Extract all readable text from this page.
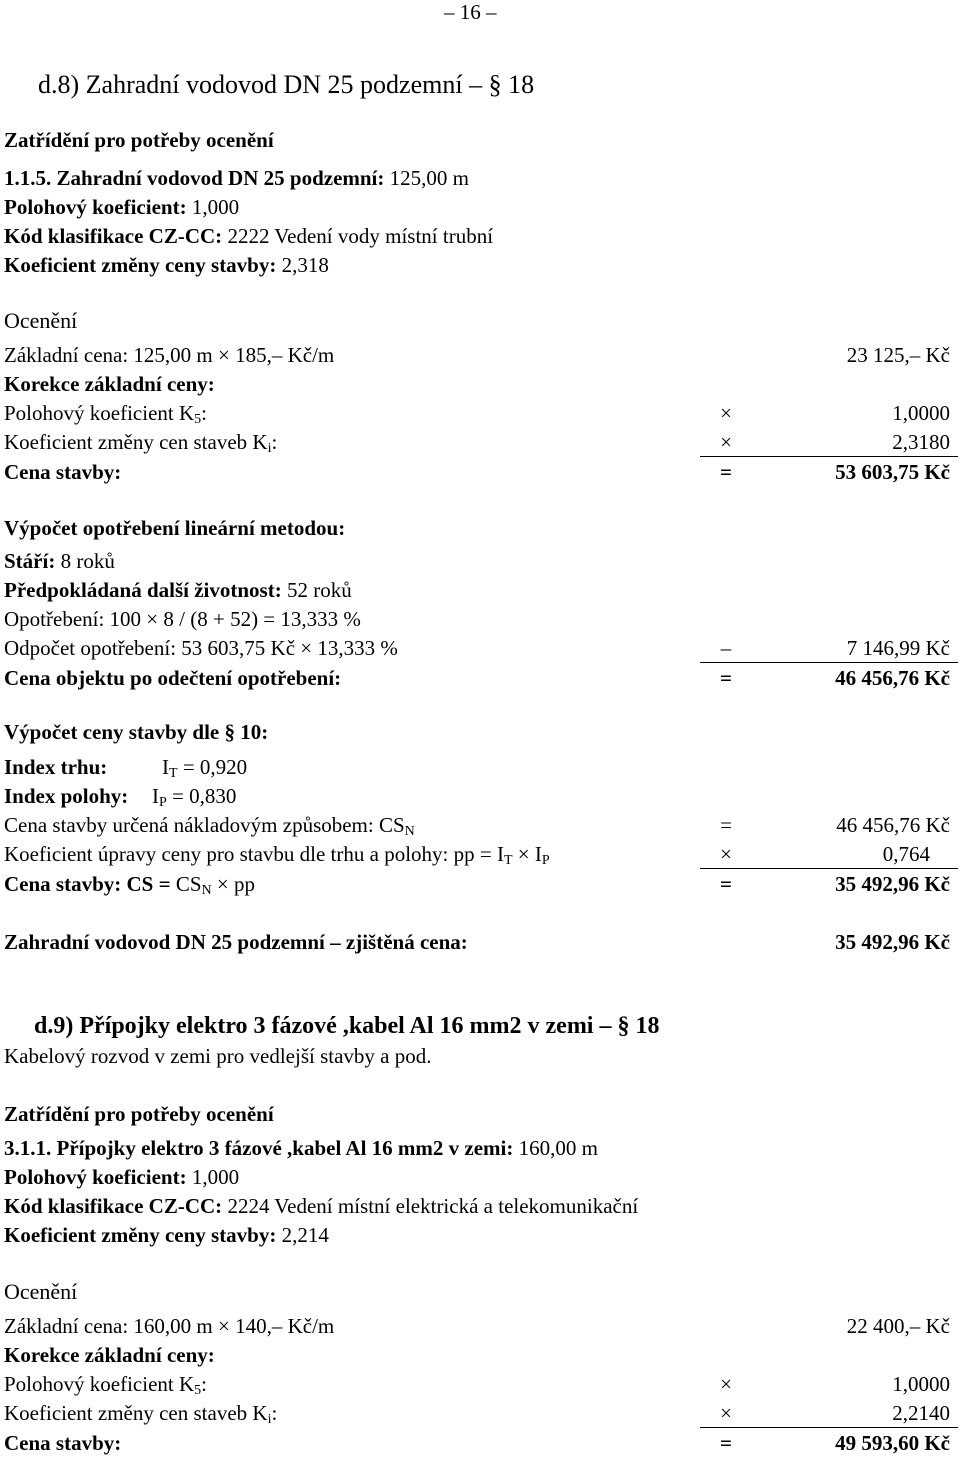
– 16 –
d.8) Zahradní vodovod DN 25 podzemní – § 18
Zatřídění pro potřeby ocenění
1.1.5. Zahradní vodovod DN 25 podzemní: 125,00 m
Polohový koeficient: 1,000
Kód klasifikace CZ-CC: 2222 Vedení vody místní trubní
Koeficient změny ceny stavby: 2,318
Ocenění
Základní cena: 125,00 m × 185,– Kč/m	23 125,– Kč
Korekce základní ceny:
Polohový koeficient $K_5$:	×	1,0000
Koeficient změny cen staveb $K_i$:	×	2,3180
Cena stavby:	=	53 603,75 Kč
Výpočet opotřebení lineární metodou:
Stáří: 8 roků
Předpokládaná další životnost: 52 roků
Opotřebení: 100 × 8 / (8 + 52) = 13,333 %
Odpočet opotřebení: 53 603,75 Kč × 13,333 %	–	7 146,99 Kč
Cena objektu po odečtení opotřebení:	=	46 456,76 Kč
Výpočet ceny stavby dle § 10:
Index trhu:	$I_T = 0,920$
Index polohy: $I_P = 0,830$
Cena stavby určená nákladovým způsobem: $CS_N$	=	46 456,76 Kč
Koeficient úpravy ceny pro stavbu dle trhu a polohy: pp = $I_T \times I_P$	×	0,764
Cena stavby: CS = $CS_N$ × pp	=	35 492,96 Kč
Zahradní vodovod DN 25 podzemní – zjištěná cena:	35 492,96 Kč
d.9) Přípojky elektro 3 fázové ,kabel Al 16 mm2 v zemi – § 18
Kabelový rozvod v zemi pro vedlejší stavby a pod.
Zatřídění pro potřeby ocenění
3.1.1. Přípojky elektro 3 fázové ,kabel Al 16 mm2 v zemi: 160,00 m
Polohový koeficient: 1,000
Kód klasifikace CZ-CC: 2224 Vedení místní elektrická a telekomunikační
Koeficient změny ceny stavby: 2,214
Ocenění
Základní cena: 160,00 m × 140,– Kč/m	22 400,– Kč
Korekce základní ceny:
Polohový koeficient $K_5$:	×	1,0000
Koeficient změny cen staveb $K_i$:	×	2,2140
Cena stavby:	=	49 593,60 Kč
